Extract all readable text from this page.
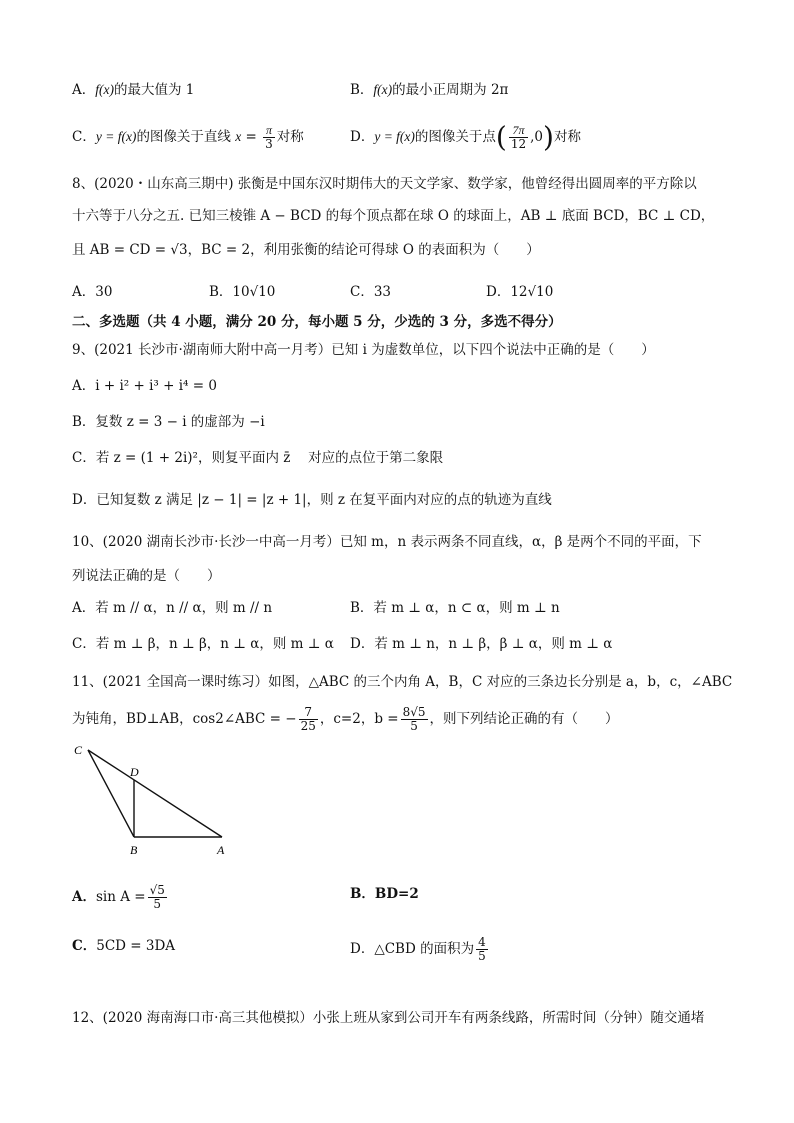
A．f(x)的最大值为 1	B．f(x)的最小正周期为 2π
C．y = f(x)的图像关于直线 $x = \frac{\pi}{3}$ 对称	D．y = f(x)的图像关于点( $\frac{7\pi}{12} ,0$)对称
8、(2020・山东高三期中) 张衡是中国东汉时期伟大的天文学家、数学家，他曾经得出圆周率的平方除以
十六等于八分之五. 已知三棱锥 A − BCD 的每个顶点都在球 O 的球面上，AB ⊥ 底面 BCD，BC ⊥ CD，
且 AB = CD = √3，BC = 2，利用张衡的结论可得球 O 的表面积为（　　）
A．30	B．10√10	C．33	D．12√10
二、多选题（共 4 小题，满分 20 分，每小题 5 分，少选的 3 分，多选不得分）
9、(2021 长沙市·湖南师大附中高一月考）已知 i 为虚数单位，以下四个说法中正确的是（　　）
A．i + i² + i³ + i⁴ = 0
B．复数 z = 3 − i 的虚部为 −i
C．若 z = (1 + 2i)²，则复平面内 z̄　 对应的点位于第二象限
D．已知复数 z 满足 |z − 1| = |z + 1|，则 z 在复平面内对应的点的轨迹为直线
10、(2020 湖南长沙市·长沙一中高一月考）已知 m，n 表示两条不同直线，α，β 是两个不同的平面，下
列说法正确的是（　　）
A．若 m // α，n // α，则 m // n	B．若 m ⊥ α，n ⊂ α，则 m ⊥ n
C．若 m ⊥ β，n ⊥ β，n ⊥ α，则 m ⊥ α D．若 m ⊥ n，n ⊥ β，β ⊥ α，则 m ⊥ α
11、(2021 全国高一课时练习）如图，△ABC 的三个内角 A，B，C 对应的三条边长分别是 a，b，c，∠ABC
为钝角，BD⊥AB，cos2∠ABC = − $\frac{7}{25}$ ，c=2，$b = \frac{8√5}{5}$ ，则下列结论正确的有（　　）
C
D
B	A
A．$\sin A = \frac{√5}{5}$	B．BD=2
C．5CD = 3DA	D．△CBD 的面积为 $\frac{4}{5}$
12、(2020 海南海口市·高三其他模拟）小张上班从家到公司开车有两条线路，所需时间（分钟）随交通堵
